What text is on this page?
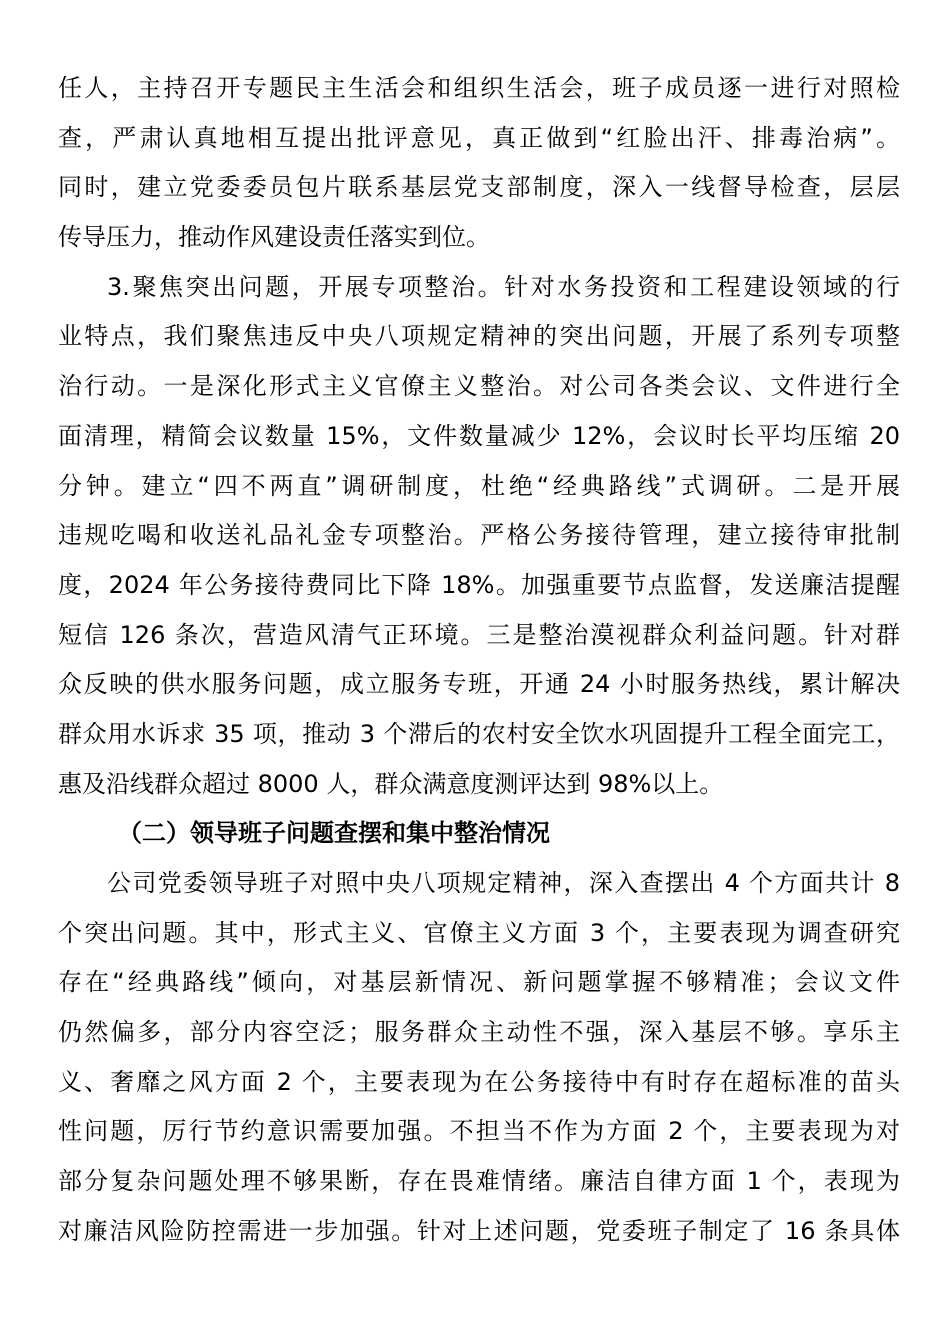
任人，主持召开专题民主生活会和组织生活会，班子成员逐一进行对照检
查，严肃认真地相互提出批评意见，真正做到“红脸出汗、排毒治病”。
同时，建立党委委员包片联系基层党支部制度，深入一线督导检查，层层
传导压力，推动作风建设责任落实到位。
3.聚焦突出问题，开展专项整治。针对水务投资和工程建设领域的行
业特点，我们聚焦违反中央八项规定精神的突出问题，开展了系列专项整
治行动。一是深化形式主义官僚主义整治。对公司各类会议、文件进行全
面清理，精简会议数量 15%，文件数量减少 12%，会议时长平均压缩 20
分钟。建立“四不两直”调研制度，杜绝“经典路线”式调研。二是开展
违规吃喝和收送礼品礼金专项整治。严格公务接待管理，建立接待审批制
度，2024 年公务接待费同比下降 18%。加强重要节点监督，发送廉洁提醒
短信 126 条次，营造风清气正环境。三是整治漠视群众利益问题。针对群
众反映的供水服务问题，成立服务专班，开通 24 小时服务热线，累计解决
群众用水诉求 35 项，推动 3 个滞后的农村安全饮水巩固提升工程全面完工，
惠及沿线群众超过 8000 人，群众满意度测评达到 98%以上。
（二）领导班子问题查摆和集中整治情况
公司党委领导班子对照中央八项规定精神，深入查摆出 4 个方面共计 8
个突出问题。其中，形式主义、官僚主义方面 3 个，主要表现为调查研究
存在“经典路线”倾向，对基层新情况、新问题掌握不够精准；会议文件
仍然偏多，部分内容空泛；服务群众主动性不强，深入基层不够。享乐主
义、奢靡之风方面 2 个，主要表现为在公务接待中有时存在超标准的苗头
性问题，厉行节约意识需要加强。不担当不作为方面 2 个，主要表现为对
部分复杂问题处理不够果断，存在畏难情绪。廉洁自律方面 1 个，表现为
对廉洁风险防控需进一步加强。针对上述问题，党委班子制定了 16 条具体
